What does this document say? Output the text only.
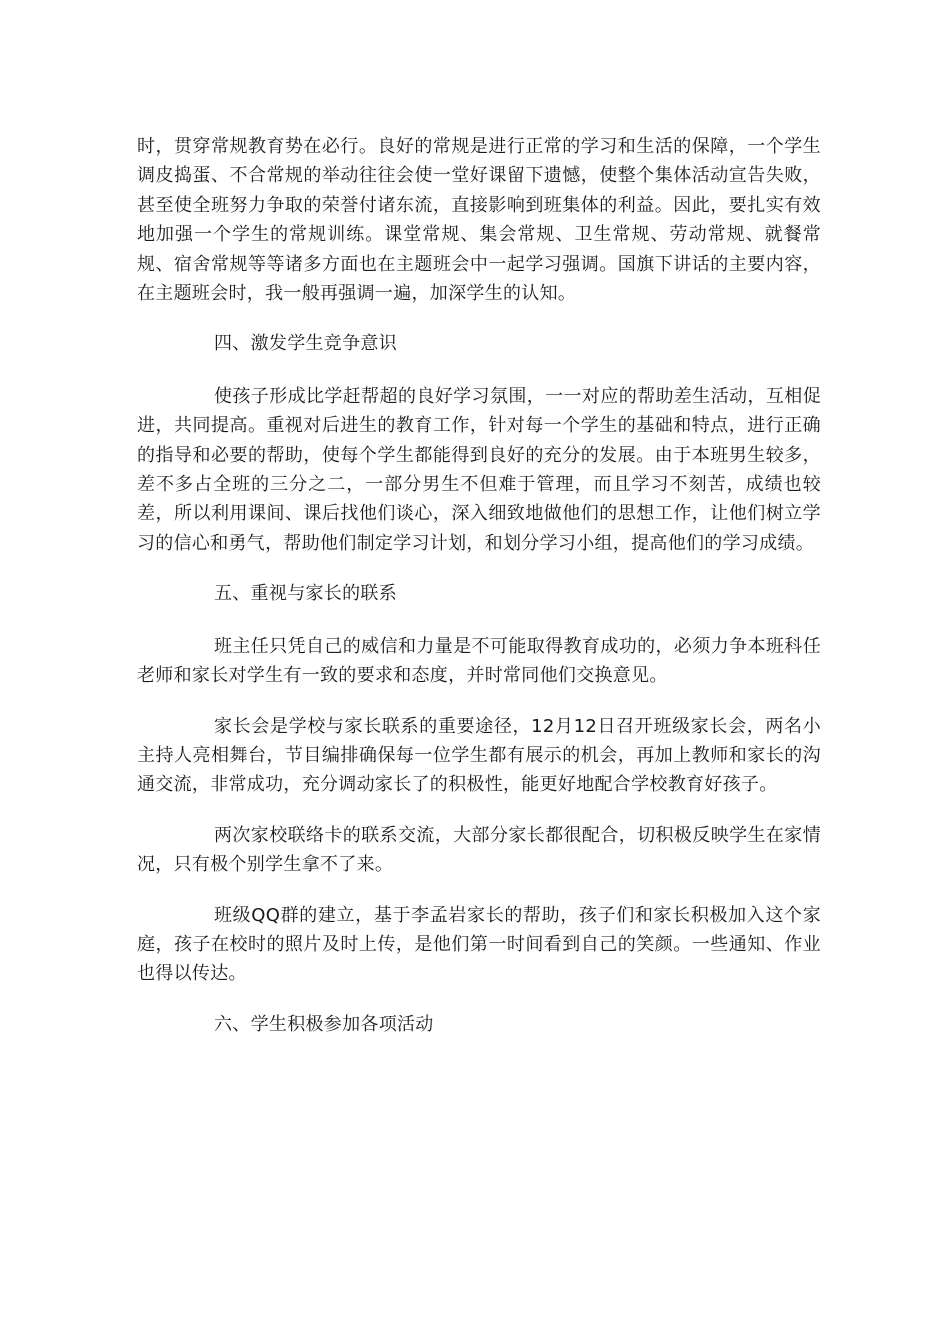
时，贯穿常规教育势在必行。良好的常规是进行正常的学习和生活的保障，一个学生调皮捣蛋、不合常规的举动往往会使一堂好课留下遗憾，使整个集体活动宣告失败，甚至使全班努力争取的荣誉付诸东流，直接影响到班集体的利益。因此，要扎实有效地加强一个学生的常规训练。课堂常规、集会常规、卫生常规、劳动常规、就餐常规、宿舍常规等等诸多方面也在主题班会中一起学习强调。国旗下讲话的主要内容，在主题班会时，我一般再强调一遍，加深学生的认知。

四、激发学生竞争意识

使孩子形成比学赶帮超的良好学习氛围，一一对应的帮助差生活动，互相促进，共同提高。重视对后进生的教育工作，针对每一个学生的基础和特点，进行正确的指导和必要的帮助，使每个学生都能得到良好的充分的发展。由于本班男生较多，差不多占全班的三分之二，一部分男生不但难于管理，而且学习不刻苦，成绩也较差，所以利用课间、课后找他们谈心，深入细致地做他们的思想工作，让他们树立学习的信心和勇气，帮助他们制定学习计划，和划分学习小组，提高他们的学习成绩。

五、重视与家长的联系

班主任只凭自己的威信和力量是不可能取得教育成功的，必须力争本班科任老师和家长对学生有一致的要求和态度，并时常同他们交换意见。

家长会是学校与家长联系的重要途径，12月12日召开班级家长会，两名小主持人亮相舞台，节目编排确保每一位学生都有展示的机会，再加上教师和家长的沟通交流，非常成功，充分调动家长了的积极性，能更好地配合学校教育好孩子。

两次家校联络卡的联系交流，大部分家长都很配合，切积极反映学生在家情况，只有极个别学生拿不了来。

班级QQ群的建立，基于李孟岩家长的帮助，孩子们和家长积极加入这个家庭，孩子在校时的照片及时上传，是他们第一时间看到自己的笑颜。一些通知、作业也得以传达。

六、学生积极参加各项活动
